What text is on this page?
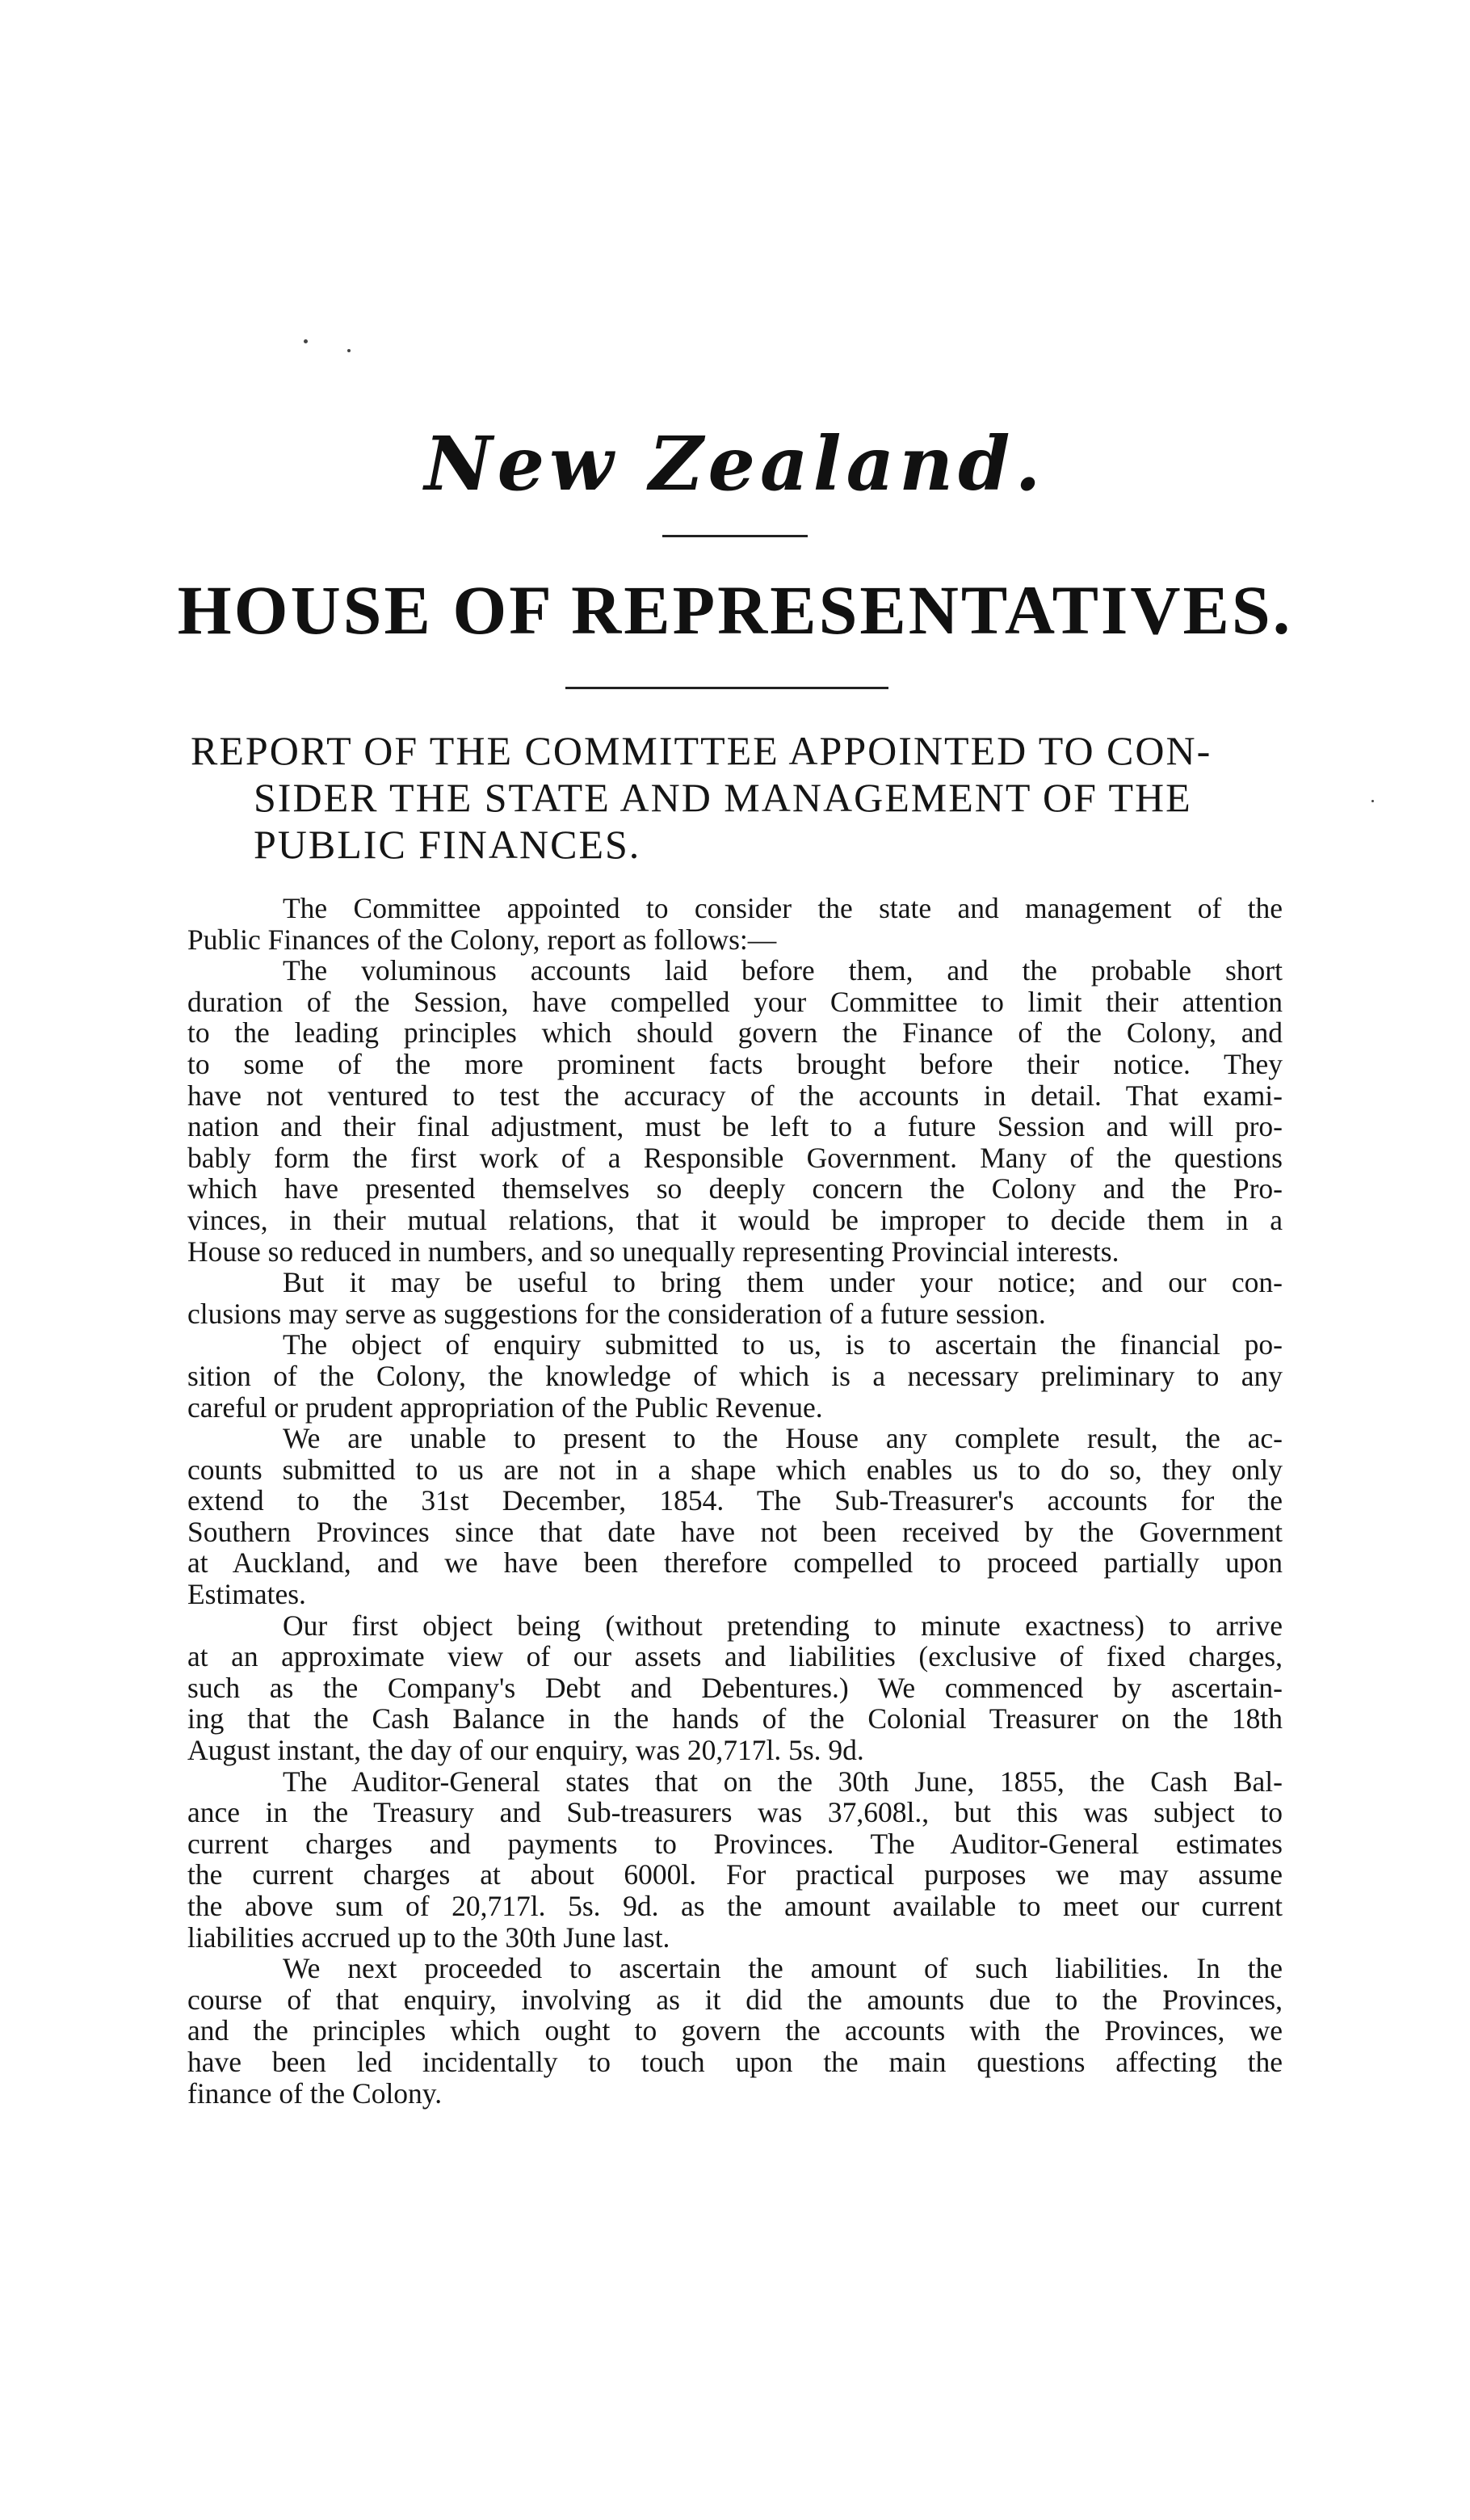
New Zealand.
HOUSE OF REPRESENTATIVES.
REPORT OF THE COMMITTEE APPOINTED TO CON-
SIDER THE STATE AND MANAGEMENT OF THE
PUBLIC FINANCES.
The Committee appointed to consider the state and management of the
Public Finances of the Colony, report as follows:—
The voluminous accounts laid before them, and the probable short
duration of the Session, have compelled your Committee to limit their attention
to the leading principles which should govern the Finance of the Colony, and
to some of the more prominent facts brought before their notice. They
have not ventured to test the accuracy of the accounts in detail. That exami-
nation and their final adjustment, must be left to a future Session and will pro-
bably form the first work of a Responsible Government. Many of the questions
which have presented themselves so deeply concern the Colony and the Pro-
vinces, in their mutual relations, that it would be improper to decide them in a
House so reduced in numbers, and so unequally representing Provincial interests.
But it may be useful to bring them under your notice; and our con-
clusions may serve as suggestions for the consideration of a future session.
The object of enquiry submitted to us, is to ascertain the financial po-
sition of the Colony, the knowledge of which is a necessary preliminary to any
careful or prudent appropriation of the Public Revenue.
We are unable to present to the House any complete result, the ac-
counts submitted to us are not in a shape which enables us to do so, they only
extend to the 31st December, 1854. The Sub-Treasurer's accounts for the
Southern Provinces since that date have not been received by the Government
at Auckland, and we have been therefore compelled to proceed partially upon
Estimates.
Our first object being (without pretending to minute exactness) to arrive
at an approximate view of our assets and liabilities (exclusive of fixed charges,
such as the Company's Debt and Debentures.) We commenced by ascertain-
ing that the Cash Balance in the hands of the Colonial Treasurer on the 18th
August instant, the day of our enquiry, was 20,717l. 5s. 9d.
The Auditor-General states that on the 30th June, 1855, the Cash Bal-
ance in the Treasury and Sub-treasurers was 37,608l., but this was subject to
current charges and payments to Provinces. The Auditor-General estimates
the current charges at about 6000l. For practical purposes we may assume
the above sum of 20,717l. 5s. 9d. as the amount available to meet our current
liabilities accrued up to the 30th June last.
We next proceeded to ascertain the amount of such liabilities. In the
course of that enquiry, involving as it did the amounts due to the Provinces,
and the principles which ought to govern the accounts with the Provinces, we
have been led incidentally to touch upon the main questions affecting the
finance of the Colony.
